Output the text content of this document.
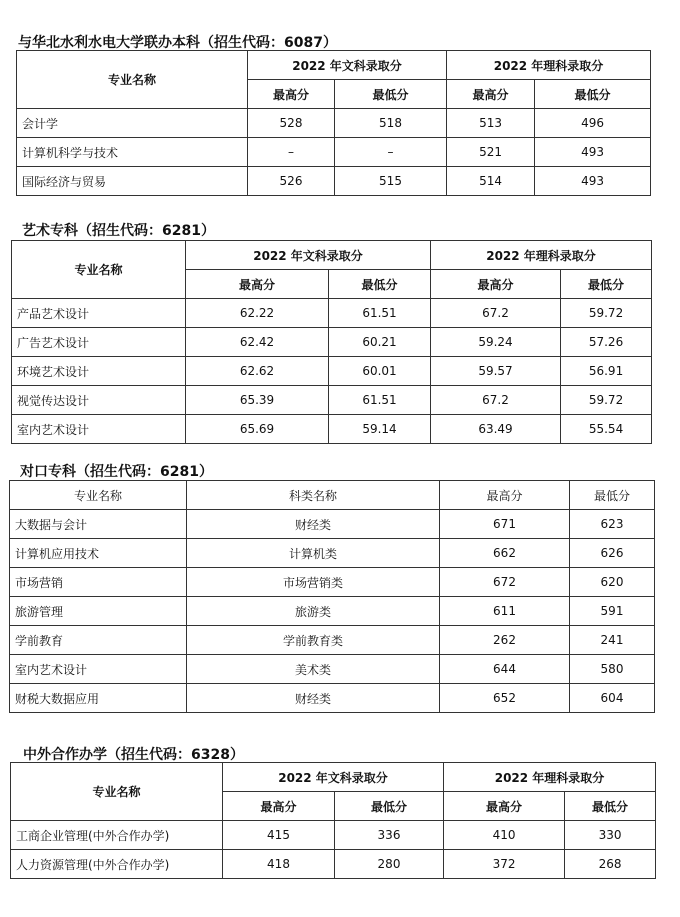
与华北水利水电大学联办本科（招生代码：6087）
专业名称	2022 年文科录取分		2022 年理科录取分	
	最高分	最低分	最高分	最低分
会计学	528	518	513	496
计算机科学与技术	–	–	521	493
国际经济与贸易	526	515	514	493
艺术专科（招生代码：6281）
专业名称	2022 年文科录取分		2022 年理科录取分	
	最高分	最低分	最高分	最低分
产品艺术设计	62.22	61.51	67.2	59.72
广告艺术设计	62.42	60.21	59.24	57.26
环境艺术设计	62.62	60.01	59.57	56.91
视觉传达设计	65.39	61.51	67.2	59.72
室内艺术设计	65.69	59.14	63.49	55.54
对口专科（招生代码：6281）
专业名称	科类名称	最高分	最低分
大数据与会计	财经类	671	623
计算机应用技术	计算机类	662	626
市场营销	市场营销类	672	620
旅游管理	旅游类	611	591
学前教育	学前教育类	262	241
室内艺术设计	美术类	644	580
财税大数据应用	财经类	652	604
中外合作办学（招生代码：6328）
专业名称	2022 年文科录取分		2022 年理科录取分	
	最高分	最低分	最高分	最低分
工商企业管理(中外合作办学)	415	336	410	330
人力资源管理(中外合作办学)	418	280	372	268
